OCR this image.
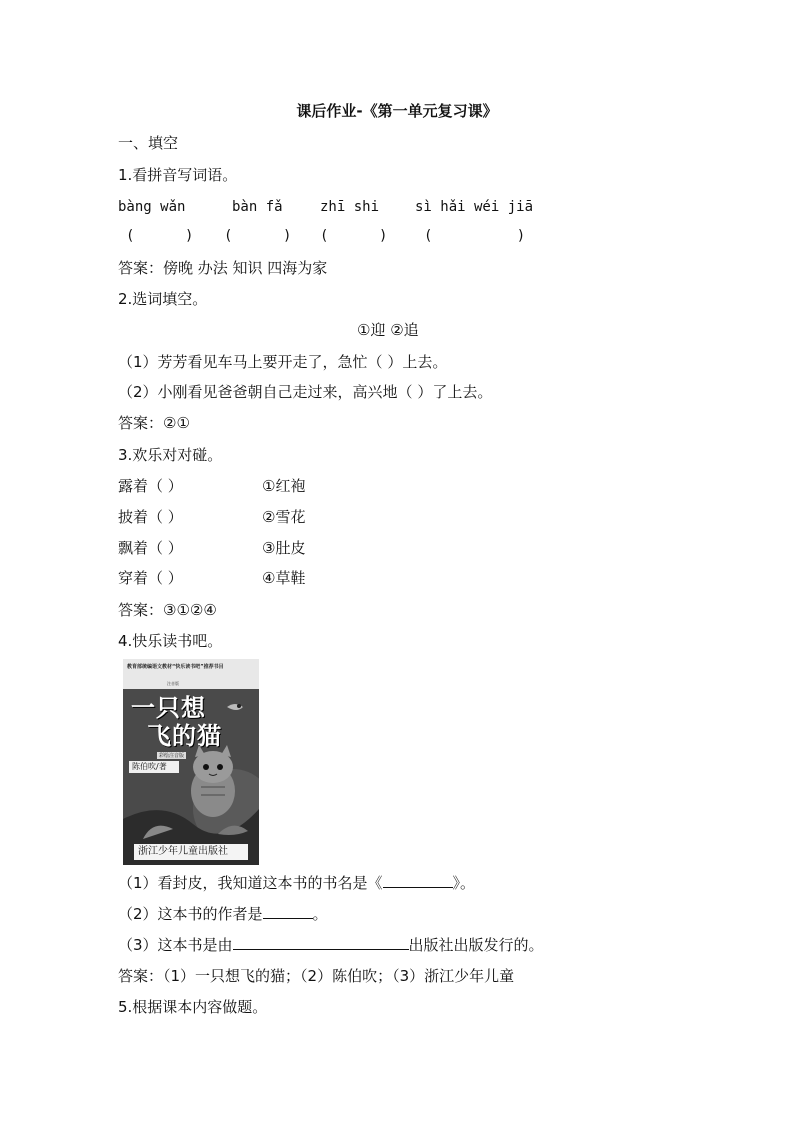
课后作业-《第一单元复习课》
一、填空
1.看拼音写词语。
bàng wǎn	bàn fǎ	zhī shi	sì hǎi wéi jiā
(      ) (      ) (      )	(          )
答案：傍晚 办法 知识 四海为家
2.选词填空。
①迎 ②追
（1）芳芳看见车马上要开走了，急忙（ ）上去。
（2）小刚看见爸爸朝自己走过来，高兴地（ ）了上去。
答案：②①
3.欢乐对对碰。
露着（ ）	①红袍
披着（ ）	②雪花
飘着（ ）	③肚皮
穿着（ ）	④草鞋
答案：③①②④
4.快乐读书吧。
教育部统编语文教材“快乐读书吧”推荐书目
注音版
一只想
飞的猫
彩绘注音版
陈伯吹/著
浙江少年儿童出版社
（1）看封皮，我知道这本书的书名是《	》。
（2）这本书的作者是	。
（3）这本书是由	出版社出版发行的。
答案：（1）一只想飞的猫；（2）陈伯吹；（3）浙江少年儿童
5.根据课本内容做题。
